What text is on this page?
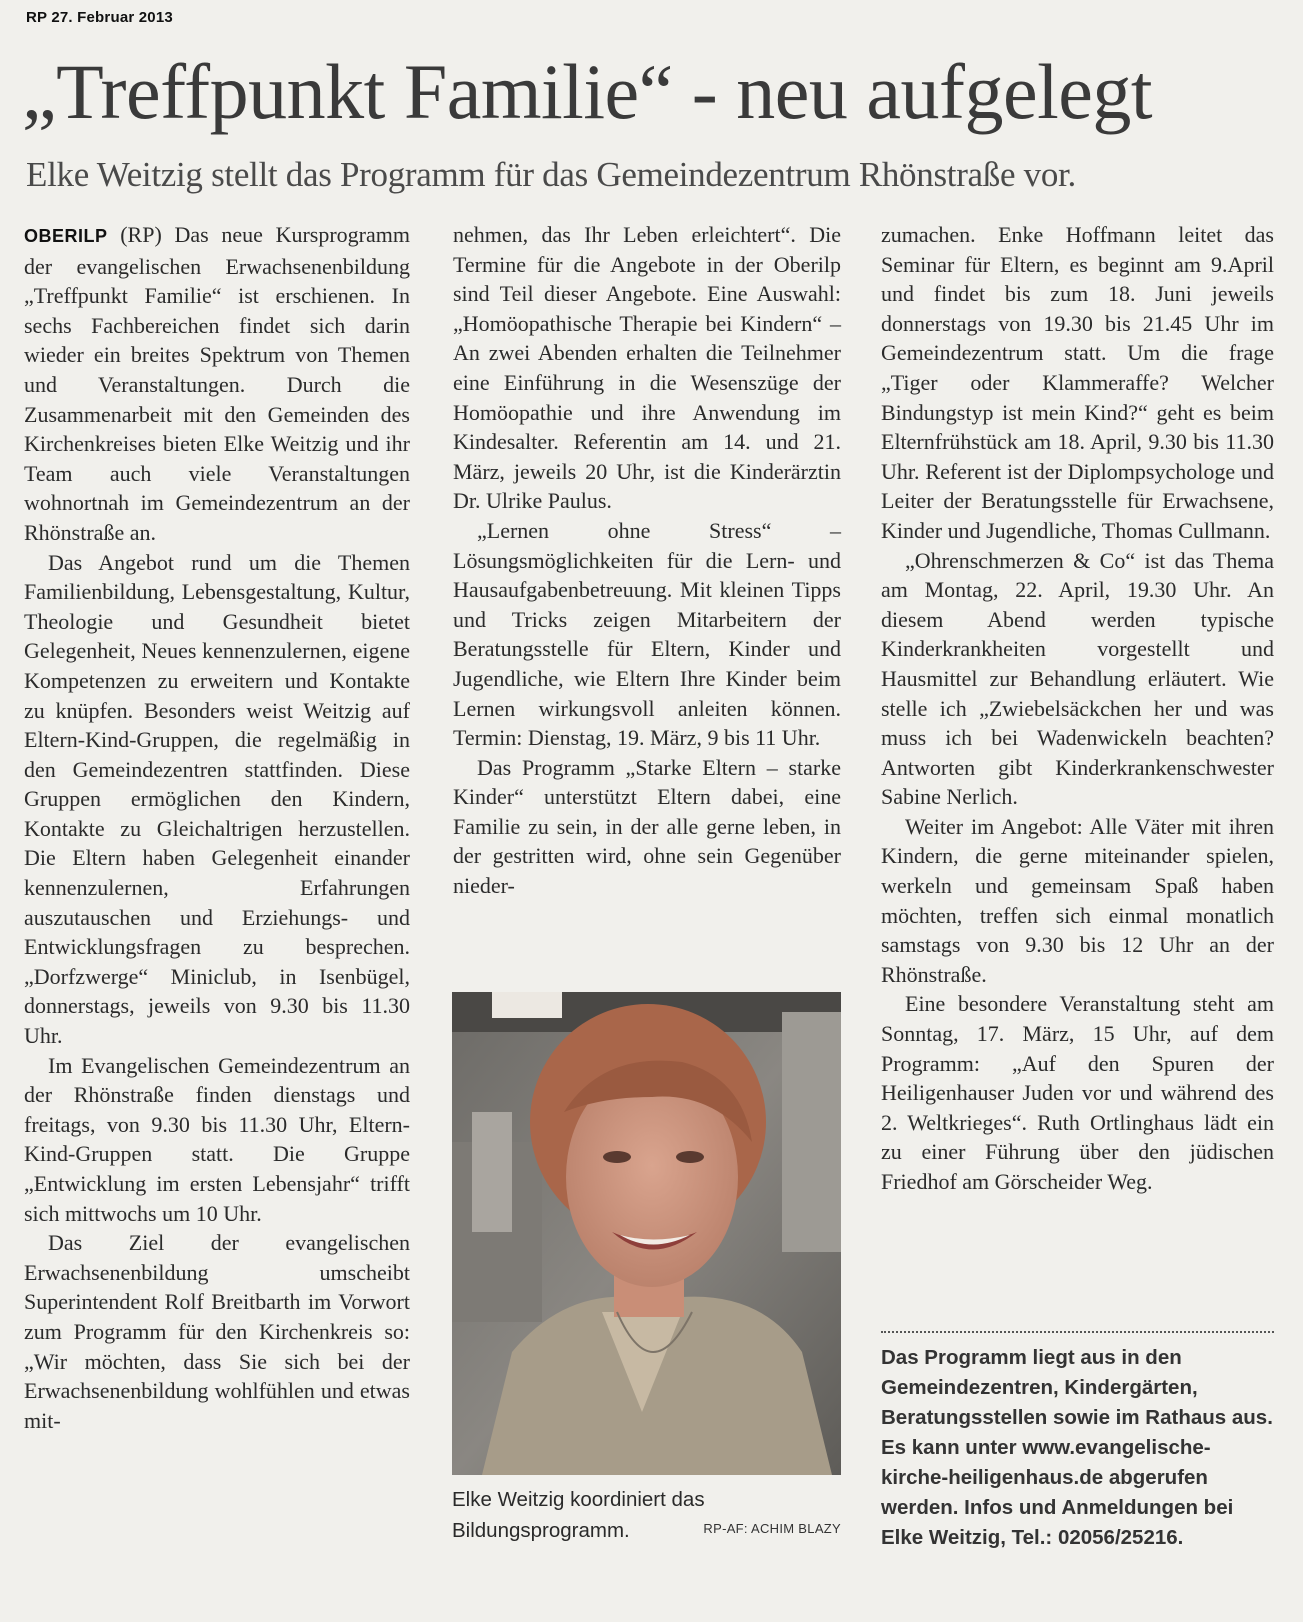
RP 27. Februar 2013
„Treffpunkt Familie“ - neu aufgelegt
Elke Weitzig stellt das Programm für das Gemeindezentrum Rhönstraße vor.

OBERILP (RP) Das neue Kursprogramm der evangelischen Erwachsenenbildung „Treffpunkt Familie“ ist erschienen. In sechs Fachbereichen findet sich darin wieder ein breites Spektrum von Themen und Veranstaltungen. Durch die Zusammenarbeit mit den Gemeinden des Kirchenkreises bieten Elke Weitzig und ihr Team auch viele Veranstaltungen wohnortnah im Gemeindezentrum an der Rhönstraße an.

Das Angebot rund um die Themen Familienbildung, Lebensgestaltung, Kultur, Theologie und Gesundheit bietet Gelegenheit, Neues kennenzulernen, eigene Kompetenzen zu erweitern und Kontakte zu knüpfen. Besonders weist Weitzig auf Eltern-Kind-Gruppen, die regelmäßig in den Gemeindezentren stattfinden. Diese Gruppen ermöglichen den Kindern, Kontakte zu Gleichaltrigen herzustellen. Die Eltern haben Gelegenheit einander kennenzulernen, Erfahrungen auszutauschen und Erziehungs- und Entwicklungsfragen zu besprechen. „Dorfzwerge“ Miniclub, in Isenbügel, donnerstags, jeweils von 9.30 bis 11.30 Uhr.

Im Evangelischen Gemeindezentrum an der Rhönstraße finden dienstags und freitags, von 9.30 bis 11.30 Uhr, Eltern-Kind-Gruppen statt. Die Gruppe „Entwicklung im ersten Lebensjahr“ trifft sich mittwochs um 10 Uhr.

Das Ziel der evangelischen Erwachsenenbildung umscheibt Superintendent Rolf Breitbarth im Vorwort zum Programm für den Kirchenkreis so: „Wir möchten, dass Sie sich bei der Erwachsenenbildung wohlfühlen und etwas mit-

nehmen, das Ihr Leben erleichtert“. Die Termine für die Angebote in der Oberilp sind Teil dieser Angebote. Eine Auswahl: „Homöopathische Therapie bei Kindern“ – An zwei Abenden erhalten die Teilnehmer eine Einführung in die Wesenszüge der Homöopathie und ihre Anwendung im Kindesalter. Referentin am 14. und 21. März, jeweils 20 Uhr, ist die Kinderärztin Dr. Ulrike Paulus.

„Lernen ohne Stress“ – Lösungsmöglichkeiten für die Lern- und Hausaufgabenbetreuung. Mit kleinen Tipps und Tricks zeigen Mitarbeitern der Beratungsstelle für Eltern, Kinder und Jugendliche, wie Eltern Ihre Kinder beim Lernen wirkungsvoll anleiten können. Termin: Dienstag, 19. März, 9 bis 11 Uhr.

Das Programm „Starke Eltern – starke Kinder“ unterstützt Eltern dabei, eine Familie zu sein, in der alle gerne leben, in der gestritten wird, ohne sein Gegenüber nieder-

Elke Weitzig koordiniert das Bildungsprogramm.	RP-AF: ACHIM BLAZY

zumachen. Enke Hoffmann leitet das Seminar für Eltern, es beginnt am 9.April und findet bis zum 18. Juni jeweils donnerstags von 19.30 bis 21.45 Uhr im Gemeindezentrum statt. Um die frage „Tiger oder Klammeraffe? Welcher Bindungstyp ist mein Kind?“ geht es beim Elternfrühstück am 18. April, 9.30 bis 11.30 Uhr. Referent ist der Diplompsychologe und Leiter der Beratungsstelle für Erwachsene, Kinder und Jugendliche, Thomas Cullmann.

„Ohrenschmerzen & Co“ ist das Thema am Montag, 22. April, 19.30 Uhr. An diesem Abend werden typische Kinderkrankheiten vorgestellt und Hausmittel zur Behandlung erläutert. Wie stelle ich „Zwiebelsäckchen her und was muss ich bei Wadenwickeln beachten? Antworten gibt Kinderkrankenschwester Sabine Nerlich.

Weiter im Angebot: Alle Väter mit ihren Kindern, die gerne miteinander spielen, werkeln und gemeinsam Spaß haben möchten, treffen sich einmal monatlich samstags von 9.30 bis 12 Uhr an der Rhönstraße.

Eine besondere Veranstaltung steht am Sonntag, 17. März, 15 Uhr, auf dem Programm: „Auf den Spuren der Heiligenhauser Juden vor und während des 2. Weltkrieges“. Ruth Ortlinghaus lädt ein zu einer Führung über den jüdischen Friedhof am Görscheider Weg.

Das Programm liegt aus in den Gemeindezentren, Kindergärten, Beratungsstellen sowie im Rathaus aus. Es kann unter www.evangelische-kirche-heiligenhaus.de abgerufen werden. Infos und Anmeldungen bei Elke Weitzig, Tel.: 02056/25216.
